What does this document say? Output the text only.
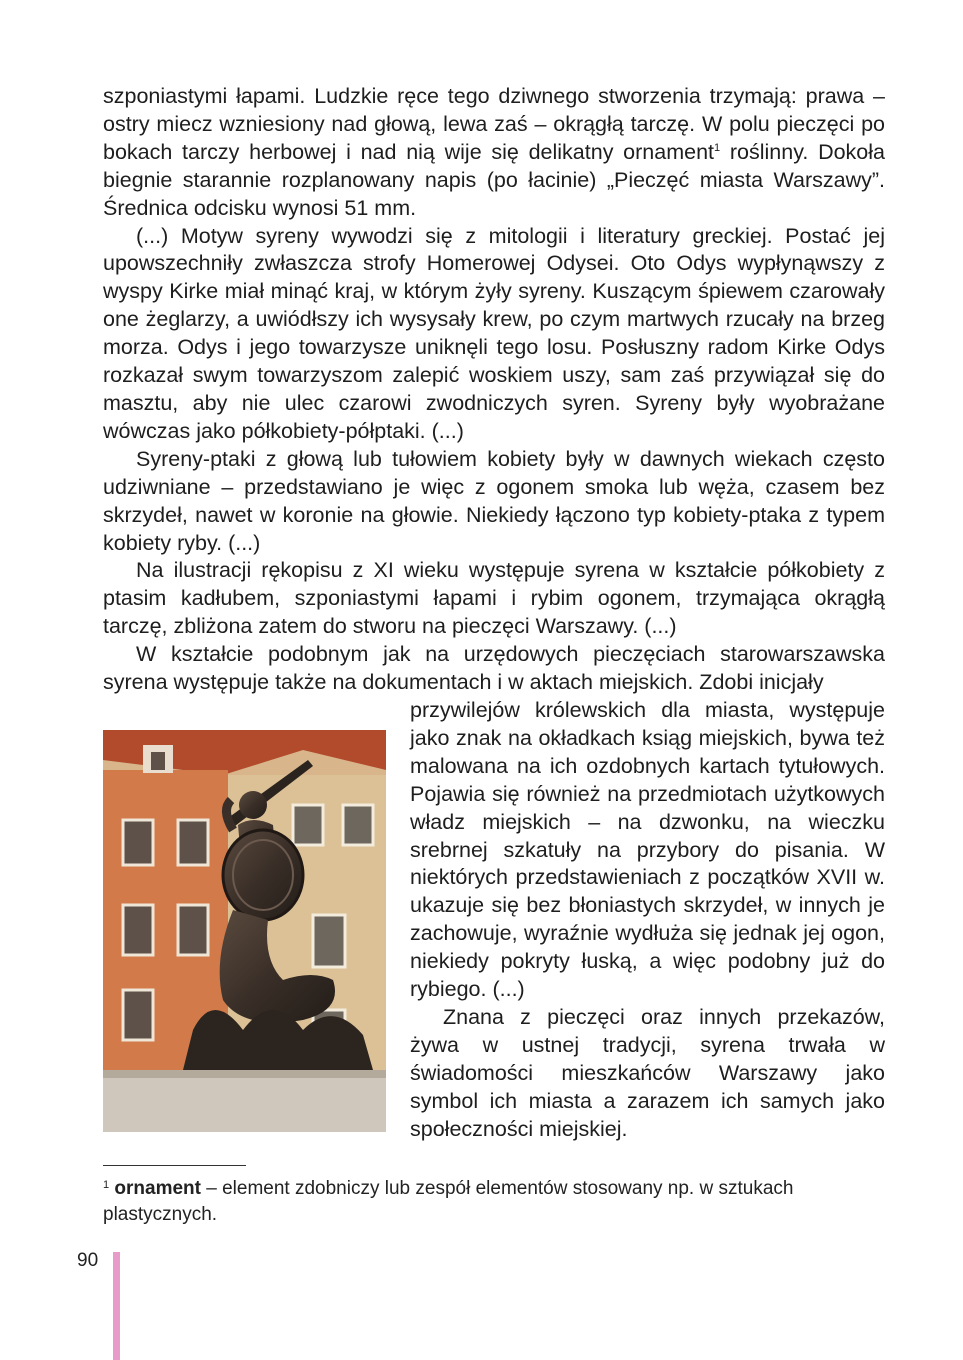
szponiastymi łapami. Ludzkie ręce tego dziwnego stworzenia trzymają: prawa – ostry miecz wzniesiony nad głową, lewa zaś – okrągłą tarczę. W polu pieczęci po bokach tarczy herbowej i nad nią wije się delikatny ornament$^1$ roślinny. Dokoła biegnie starannie rozplanowany napis (po łacinie) „Pieczęć miasta Warszawy”. Średnica odcisku wynosi 51 mm.

(...) Motyw syreny wywodzi się z mitologii i literatury greckiej. Postać jej upowszechniły zwłaszcza strofy Homerowej Odysei. Oto Odys wypłynąwszy z wyspy Kirke miał minąć kraj, w którym żyły syreny. Kuszącym śpiewem czarowały one żeglarzy, a uwiódłszy ich wysysały krew, po czym martwych rzucały na brzeg morza. Odys i jego towarzysze uniknęli tego losu. Posłuszny radom Kirke Odys rozkazał swym towarzyszom zalepić woskiem uszy, sam zaś przywiązał się do masztu, aby nie ulec czarowi zwodniczych syren. Syreny były wyobrażane wówczas jako półkobiety-półptaki. (...)

Syreny-ptaki z głową lub tułowiem kobiety były w dawnych wiekach często udziwniane – przedstawiano je więc z ogonem smoka lub węża, czasem bez skrzydeł, nawet w koronie na głowie. Niekiedy łączono typ kobiety-ptaka z typem kobiety ryby. (...)

Na ilustracji rękopisu z XI wieku występuje syrena w kształcie półkobiety z ptasim kadłubem, szponiastymi łapami i rybim ogonem, trzymająca okrągłą tarczę, zbliżona zatem do stworu na pieczęci Warszawy. (...)

W kształcie podobnym jak na urzędowych pieczęciach starowarszawska syrena występuje także na dokumentach i w aktach miejskich. Zdobi inicjały

przywilejów królewskich dla miasta, występuje jako znak na okładkach ksiąg miejskich, bywa też malowana na ich ozdobnych kartach tytułowych. Pojawia się również na przedmiotach użytkowych władz miejskich – na dzwonku, na wieczku srebrnej szkatuły na przybory do pisania. W niektórych przedstawieniach z początków XVII w. ukazuje się bez błoniastych skrzydeł, w innych je zachowuje, wyraźnie wydłuża się jednak jej ogon, niekiedy pokryty łuską, a więc podobny już do rybiego. (...)

Znana z pieczęci oraz innych przekazów, żywa w ustnej tradycji, syrena trwała w świadomości mieszkańców Warszawy jako symbol ich miasta a zarazem ich samych jako społeczności miejskiej.

$^1$ ornament – element zdobniczy lub zespół elementów stosowany np. w sztukach plastycznych.
90
